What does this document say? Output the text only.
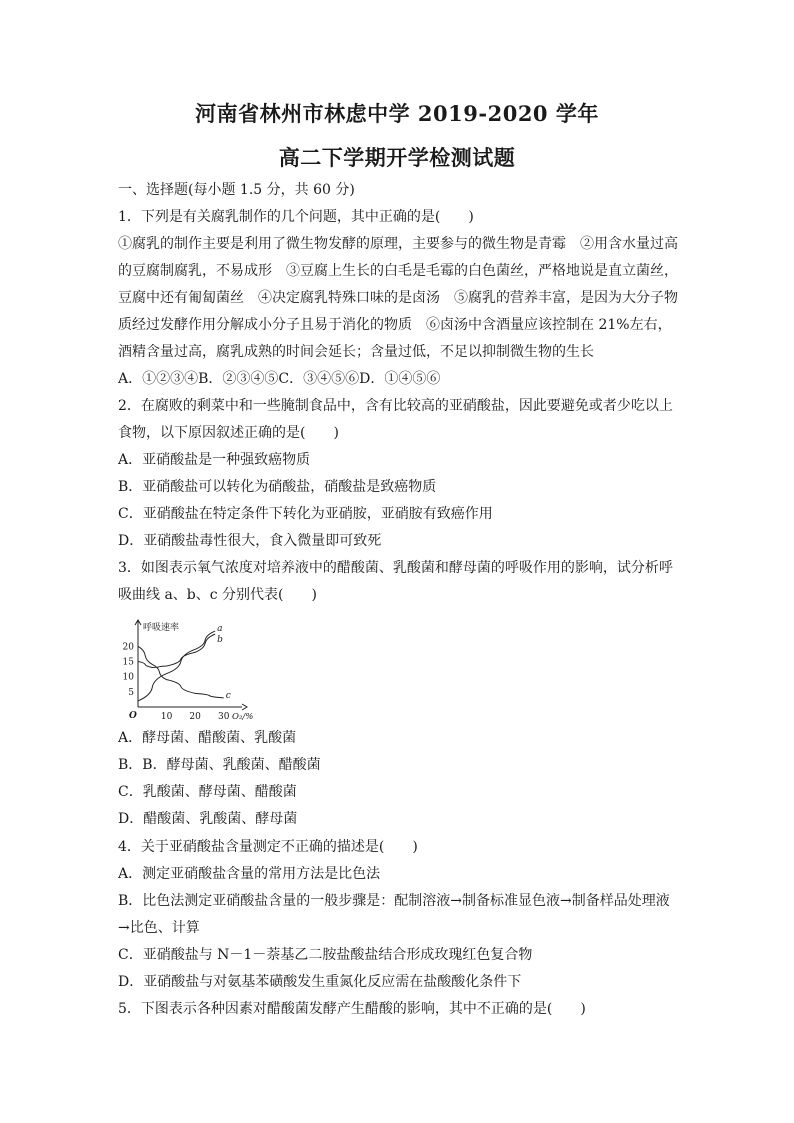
河南省林州市林虑中学 2019-2020 学年
高二下学期开学检测试题
一、选择题(每小题 1.5 分，共 60 分)
1．下列是有关腐乳制作的几个问题，其中正确的是(　　)
①腐乳的制作主要是利用了微生物发酵的原理，主要参与的微生物是青霉　②用含水量过高
的豆腐制腐乳，不易成形　③豆腐上生长的白毛是毛霉的白色菌丝，严格地说是直立菌丝，
豆腐中还有匍匐菌丝　④决定腐乳特殊口味的是卤汤　⑤腐乳的营养丰富，是因为大分子物
质经过发酵作用分解成小分子且易于消化的物质　⑥卤汤中含酒量应该控制在 21%左右，
酒精含量过高，腐乳成熟的时间会延长；含量过低，不足以抑制微生物的生长
A．①②③④B．②③④⑤C．③④⑤⑥D．①④⑤⑥
2．在腐败的剩菜中和一些腌制食品中，含有比较高的亚硝酸盐，因此要避免或者少吃以上
食物，以下原因叙述正确的是(　　)
A．亚硝酸盐是一种强致癌物质
B．亚硝酸盐可以转化为硝酸盐，硝酸盐是致癌物质
C．亚硝酸盐在特定条件下转化为亚硝胺，亚硝胺有致癌作用
D．亚硝酸盐毒性很大，食入微量即可致死
3．如图表示氧气浓度对培养液中的醋酸菌、乳酸菌和酵母菌的呼吸作用的影响，试分析呼
吸曲线 a、b、c 分别代表(　　)
呼吸速率
O₂/%
O	10 20 30
20
15
10
5
a
b
c
A．酵母菌、醋酸菌、乳酸菌
B．B．酵母菌、乳酸菌、醋酸菌
C．乳酸菌、酵母菌、醋酸菌
D．醋酸菌、乳酸菌、酵母菌
4．关于亚硝酸盐含量测定不正确的描述是(　　)
A．测定亚硝酸盐含量的常用方法是比色法
B．比色法测定亚硝酸盐含量的一般步骤是：配制溶液→制备标准显色液→制备样品处理液
→比色、计算
C．亚硝酸盐与 N－1－萘基乙二胺盐酸盐结合形成玫瑰红色复合物
D．亚硝酸盐与对氨基苯磺酸发生重氮化反应需在盐酸酸化条件下
5．下图表示各种因素对醋酸菌发酵产生醋酸的影响，其中不正确的是(　　)
